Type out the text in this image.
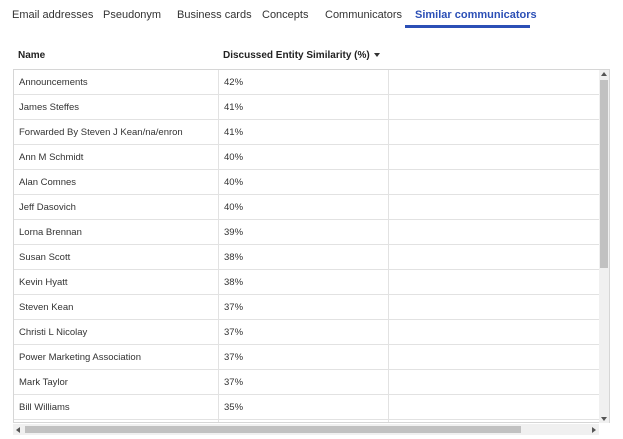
Email addresses Pseudonym Business cards Concepts Communicators Similar communicators
Name	Discussed Entity Similarity (%)
Announcements	42%
James Steffes	41%
Forwarded By Steven J Kean/na/enron	41%
Ann M Schmidt	40%
Alan Comnes	40%
Jeff Dasovich	40%
Lorna Brennan	39%
Susan Scott	38%
Kevin Hyatt	38%
Steven Kean	37%
Christi L Nicolay	37%
Power Marketing Association	37%
Mark Taylor	37%
Bill Williams	35%
